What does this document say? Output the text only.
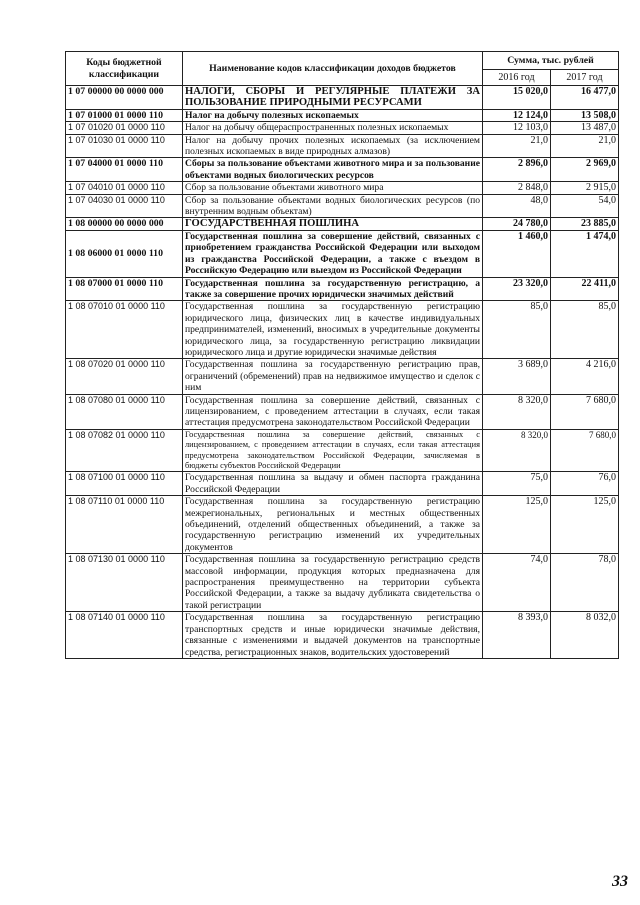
Коды бюджетной классификации	Наименование кодов классификации доходов бюджетов	Сумма, тыс. рублей	
		2016 год	2017 год
1 07 00000 00 0000 000	НАЛОГИ, СБОРЫ И РЕГУЛЯРНЫЕ ПЛАТЕЖИ ЗА ПОЛЬЗОВАНИЕ ПРИРОДНЫМИ РЕСУРСАМИ	15 020,0	16 477,0
1 07 01000 01 0000 110	Налог на добычу полезных ископаемых	12 124,0	13 508,0
1 07 01020 01 0000 110	Налог на добычу общераспространенных полезных ископаемых	12 103,0	13 487,0
1 07 01030 01 0000 110	Налог на добычу прочих полезных ископаемых (за исключением полезных ископаемых в виде природных алмазов)	21,0	21,0
1 07 04000 01 0000 110	Сборы за пользование объектами животного мира и за пользование объектами водных биологических ресурсов	2 896,0	2 969,0
1 07 04010 01 0000 110	Сбор за пользование объектами животного мира	2 848,0	2 915,0
1 07 04030 01 0000 110	Сбор за пользование объектами водных биологических ресурсов (по внутренним водным объектам)	48,0	54,0
1 08 00000 00 0000 000	ГОСУДАРСТВЕННАЯ ПОШЛИНА	24 780,0	23 885,0
1 08 06000 01 0000 110	Государственная пошлина за совершение действий, связанных с приобретением гражданства Российской Федерации или выходом из гражданства Российской Федерации, а также с въездом в Российскую Федерацию или выездом из Российской Федерации	1 460,0	1 474,0
1 08 07000 01 0000 110	Государственная пошлина за государственную регистрацию, а также за совершение прочих юридически значимых действий	23 320,0	22 411,0
1 08 07010 01 0000 110	Государственная пошлина за государственную регистрацию юридического лица, физических лиц в качестве индивидуальных предпринимателей, изменений, вносимых в учредительные документы юридического лица, за государственную регистрацию ликвидации юридического лица и другие юридически значимые действия	85,0	85,0
1 08 07020 01 0000 110	Государственная пошлина за государственную регистрацию прав, ограничений (обременений) прав на недвижимое имущество и сделок с ним	3 689,0	4 216,0
1 08 07080 01 0000 110	Государственная пошлина за совершение действий, связанных с лицензированием, с проведением аттестации в случаях, если такая аттестация предусмотрена законодательством Российской Федерации	8 320,0	7 680,0
1 08 07082 01 0000 110	Государственная пошлина за совершение действий, связанных с лицензированием, с проведением аттестации в случаях, если такая аттестация предусмотрена законодательством Российской Федерации, зачисляемая в бюджеты субъектов Российской Федерации	8 320,0	7 680,0
1 08 07100 01 0000 110	Государственная пошлина за выдачу и обмен паспорта гражданина Российской Федерации	75,0	76,0
1 08 07110 01 0000 110	Государственная пошлина за государственную регистрацию межрегиональных, региональных и местных общественных объединений, отделений общественных объединений, а также за государственную регистрацию изменений их учредительных документов	125,0	125,0
1 08 07130 01 0000 110	Государственная пошлина за государственную регистрацию средств массовой информации, продукция которых предназначена для распространения преимущественно на территории субъекта Российской Федерации, а также за выдачу дубликата свидетельства о такой регистрации	74,0	78,0
1 08 07140 01 0000 110	Государственная пошлина за государственную регистрацию транспортных средств и иные юридически значимые действия, связанные с изменениями и выдачей документов на транспортные средства, регистрационных знаков, водительских удостоверений	8 393,0	8 032,0
33
